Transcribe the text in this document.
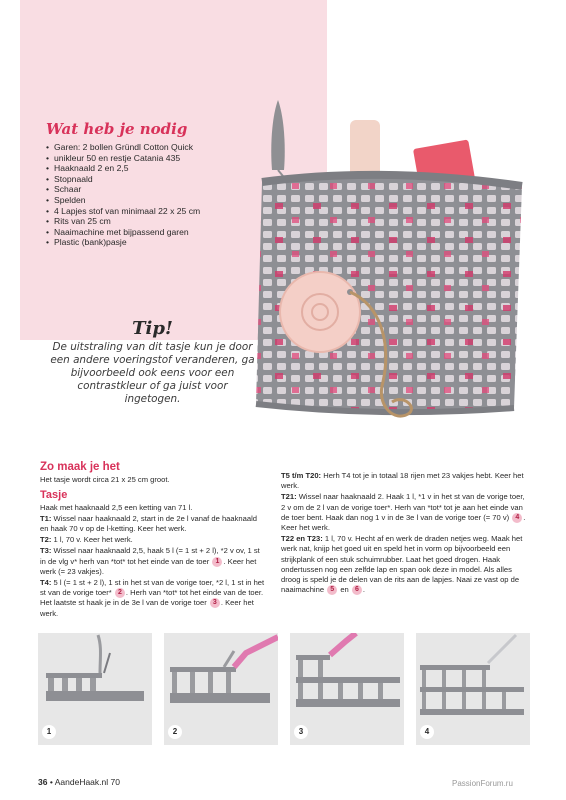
Wat heb je nodig
• Garen: 2 bollen Gründl Cotton Quick
• unikleur 50 en restje Catania 435
• Haaknaald 2 en 2,5
• Stopnaald
• Schaar
• Spelden
• 4 Lapjes stof van minimaal 22 x 25 cm
• Rits van 25 cm
• Naaimachine met bijpassend garen
• Plastic (bank)pasje
Tip!
De uitstraling van dit tasje kun je door een andere voeringstof veranderen, ga bijvoorbeeld ook eens voor een contrastkleur of ga juist voor ingetogen.
Zo maak je het
Het tasje wordt circa 21 x 25 cm groot.
Tasje
Haak met haaknaald 2,5 een ketting van 71 l.
T1: Wissel naar haaknaald 2, start in de 2e l vanaf de haaknaald en haak 70 v op de l-ketting. Keer het werk.
T2: 1 l, 70 v. Keer het werk.
T3: Wissel naar haaknaald 2,5, haak 5 l (= 1 st + 2 l), *2 v ov, 1 st in de vlg v* herh van *tot* tot het einde van de toer 1 . Keer het werk (= 23 vakjes).
T4: 5 l (= 1 st + 2 l), 1 st in het st van de vorige toer, *2 l, 1 st in het st van de vorige toer* 2 . Herh van *tot* tot het einde van de toer. Het laatste st haak je in de 3e l van de vorige toer 3 . Keer het werk.
T5 t/m T20: Herh T4 tot je in totaal 18 rijen met 23 vakjes hebt. Keer het werk.
T21: Wissel naar haaknaald 2. Haak 1 l, *1 v in het st van de vorige toer, 2 v om de 2 l van de vorige toer*. Herh van *tot* tot je aan het einde van de toer bent. Haak dan nog 1 v in de 3e l van de vorige toer (= 70 v) 4 . Keer het werk.
T22 en T23: 1 l, 70 v. Hecht af en werk de draden netjes weg. Maak het werk nat, knijp het goed uit en speld het in vorm op bijvoorbeeld een strijkplank of een stuk schuimrubber. Laat het goed drogen. Haak ondertussen nog een zelfde lap en span ook deze in model. Als alles droog is speld je de delen van de rits aan de lapjes. Naai ze vast op de naaimachine 5 en 6 .
1	2	3	4
36 • AandeHaak.nl 70	PassionForum.ru
